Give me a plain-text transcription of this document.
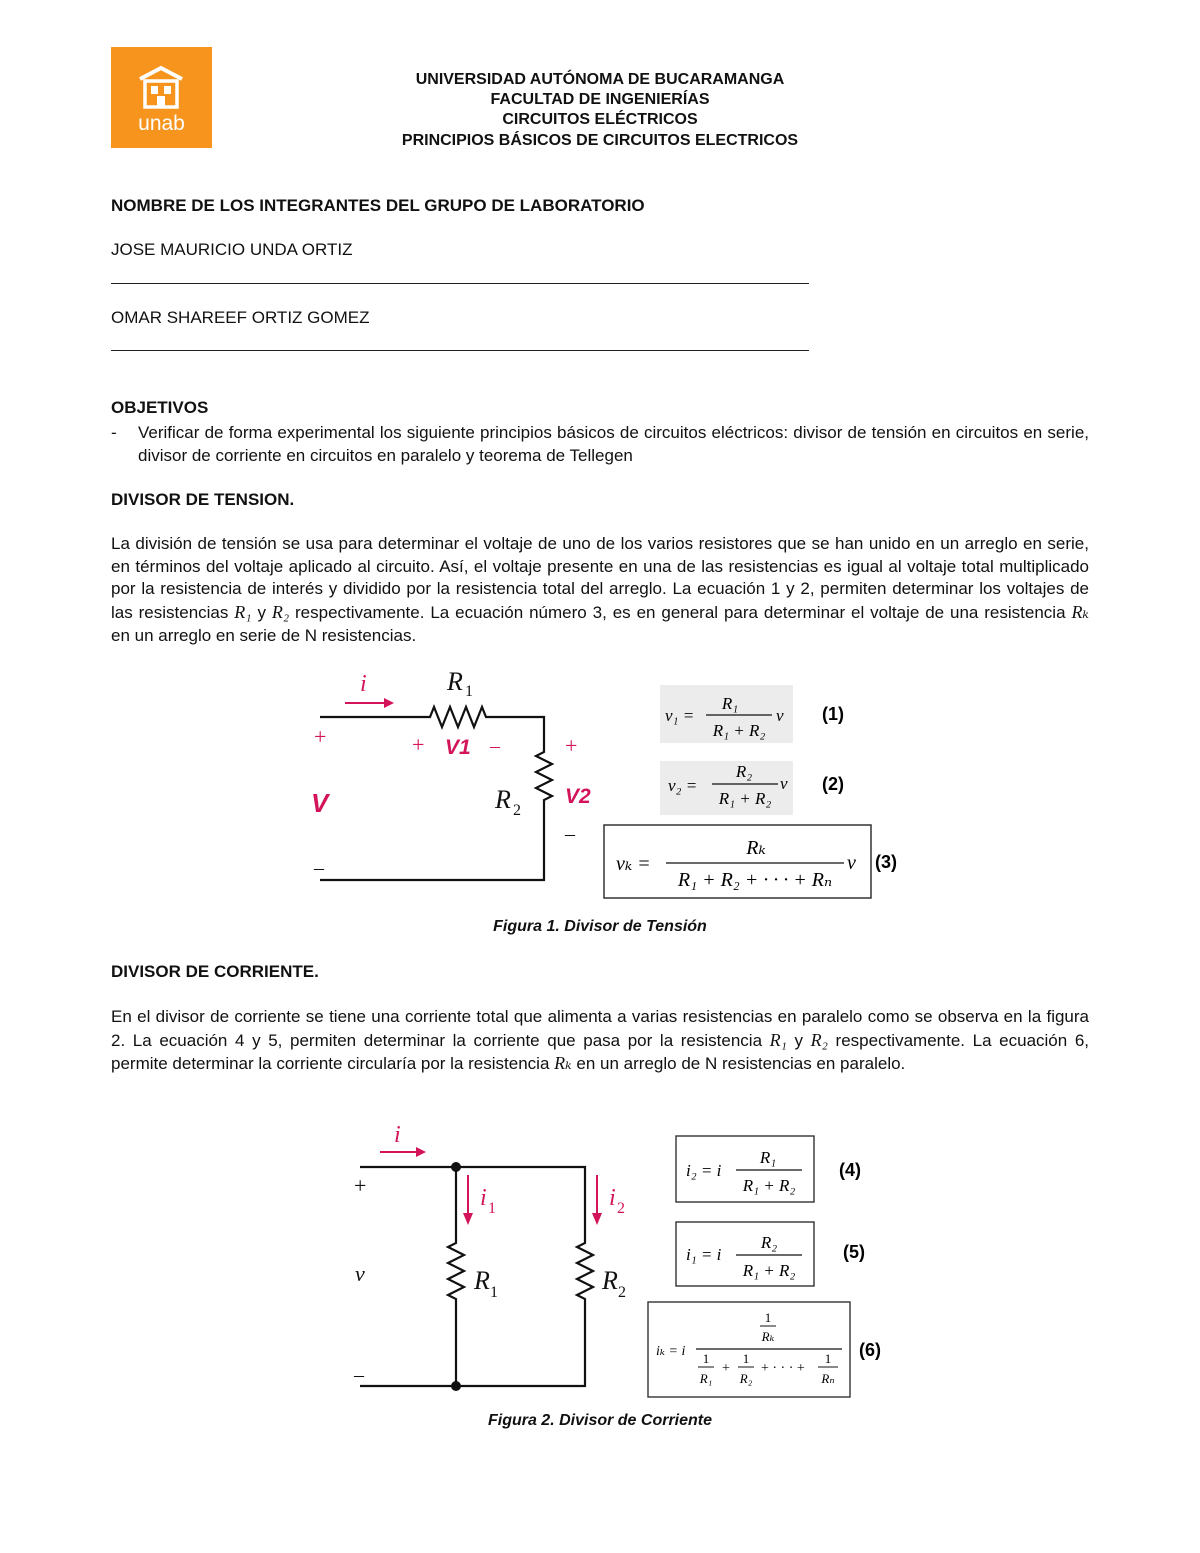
unab
UNIVERSIDAD AUTÓNOMA DE BUCARAMANGA
FACULTAD DE INGENIERÍAS
CIRCUITOS ELÉCTRICOS
PRINCIPIOS BÁSICOS DE CIRCUITOS ELECTRICOS
NOMBRE DE LOS INTEGRANTES DEL GRUPO DE LABORATORIO
JOSE MAURICIO UNDA ORTIZ
OMAR SHAREEF ORTIZ GOMEZ
OBJETIVOS
- Verificar de forma experimental los siguiente principios básicos de circuitos eléctricos: divisor de tensión en circuitos en serie, divisor de corriente en circuitos en paralelo y teorema de Tellegen
DIVISOR DE TENSION.
La división de tensión se usa para determinar el voltaje de uno de los varios resistores que se han unido en un arreglo en serie, en términos del voltaje aplicado al circuito. Así, el voltaje presente en una de las resistencias es igual al voltaje total multiplicado por la resistencia de interés y dividido por la resistencia total del arreglo. La ecuación 1 y 2, permiten determinar los voltajes de las resistencias R₁ y R₂ respectivamente. La ecuación número 3, es en general para determinar el voltaje de una resistencia Rₖ en un arreglo en serie de N resistencias.
i	R 1
+	+ V1 –	+
V	R 2
V2
–
–
v₁ =
R₁
R₁ + R₂
v (1)
v₂ =
R₂
R₁ + R₂
v (2)
vₖ =
Rₖ
R₁ + R₂ + · · · + Rₙ
v (3)
Figura 1. Divisor de Tensión
DIVISOR DE CORRIENTE.
En el divisor de corriente se tiene una corriente total que alimenta a varias resistencias en paralelo como se observa en la figura 2. La ecuación 4 y 5, permiten determinar la corriente que pasa por la resistencia R₁ y R₂ respectivamente. La ecuación 6, permite determinar la corriente circularía por la resistencia Rₖ en un arreglo de N resistencias en paralelo.
i
i 1	i 2
+
v	R 1	R 2
–
i₂ = i
R₁
R₁ + R₂
(4)
i₁ = i
R₂
R₁ + R₂
(5)
iₖ = i
1
Rₖ
1
R₁
+
1
R₂
+ · · · +
1
Rₙ
(6)
Figura 2. Divisor de Corriente
